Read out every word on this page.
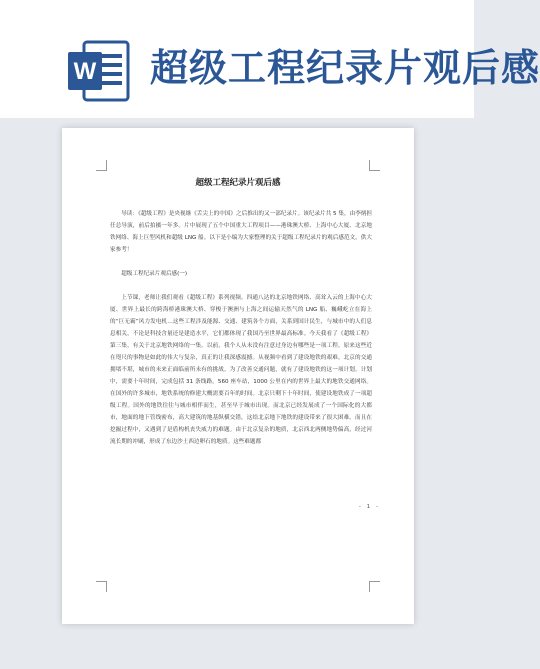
W 超级工程纪录片观后感
超级工程纪录片观后感

导读：《超级工程》是央视继《舌尖上的中国》之后推出的又一部纪录片。该纪录片共 5 集，由李炳担任总导演，前后拍摄一年多。片中展现了五个中国重大工程项目——港珠澳大桥、上海中心大厦、北京地铁网络、海上巨型风机和超级 LNG 船。以下是小编为大家整理的关于超级工程纪录片的观后感范文，供大家参考！

超级工程纪录片观后感(一)

上节课，老师让我们观看《超级工程》系列视频。四通八达的北京地铁网络、高耸入云的上海中心大厦、世界上最长的跨海桥港珠澳大桥、穿梭于澳洲与上海之间运输天然气的 LNG 船、巍峨屹立在海上的“巨无霸”风力发电机…这些工程涉及能源、交通、建筑各个方面，关系到国计民生，与城市中的人们息息相关，不论是科技含量还是建造水平，它们都体现了我国乃至世界最高标准。今天我看了《超级工程》第三集，有关于北京地铁网络的一集。以前，我个人从未没有注意过身边有哪些是一项工程。原来这些近在咫尺的事物是如此的伟大与复杂，真正的让我深感震撼。从视频中看到了建设地铁的艰难。北京的交通拥堵不堪，城市的未来正面临前所未有的挑战。为了改善交通问题，就有了建设地铁的这一项计划。计划中，需要十年时间，完成包括 31 条线路，560 座车站，1000 公里在内的世界上最大的地铁交通网络。在国外的许多城市，地铁系统的修建大概需要百年的时间。北京只剩下十年时间，使建设地铁成了一项超级工程。国外的地铁往往与城市相伴而生，甚至早于城市出现。而北京已经发展成了一个国际化的大都市，地面的地下管线密布，高大建筑的地基纵横交错，这给北京地下地铁的建设带来了很大困难。而且在挖掘过程中，又遇到了是盾构机丧失威力的难题。由于北京复杂的地质，北京西北两侧地势偏高，经过河流长期的冲刷，形成了东边沙土西边卵石的地质。这些难题都

- 1 -
